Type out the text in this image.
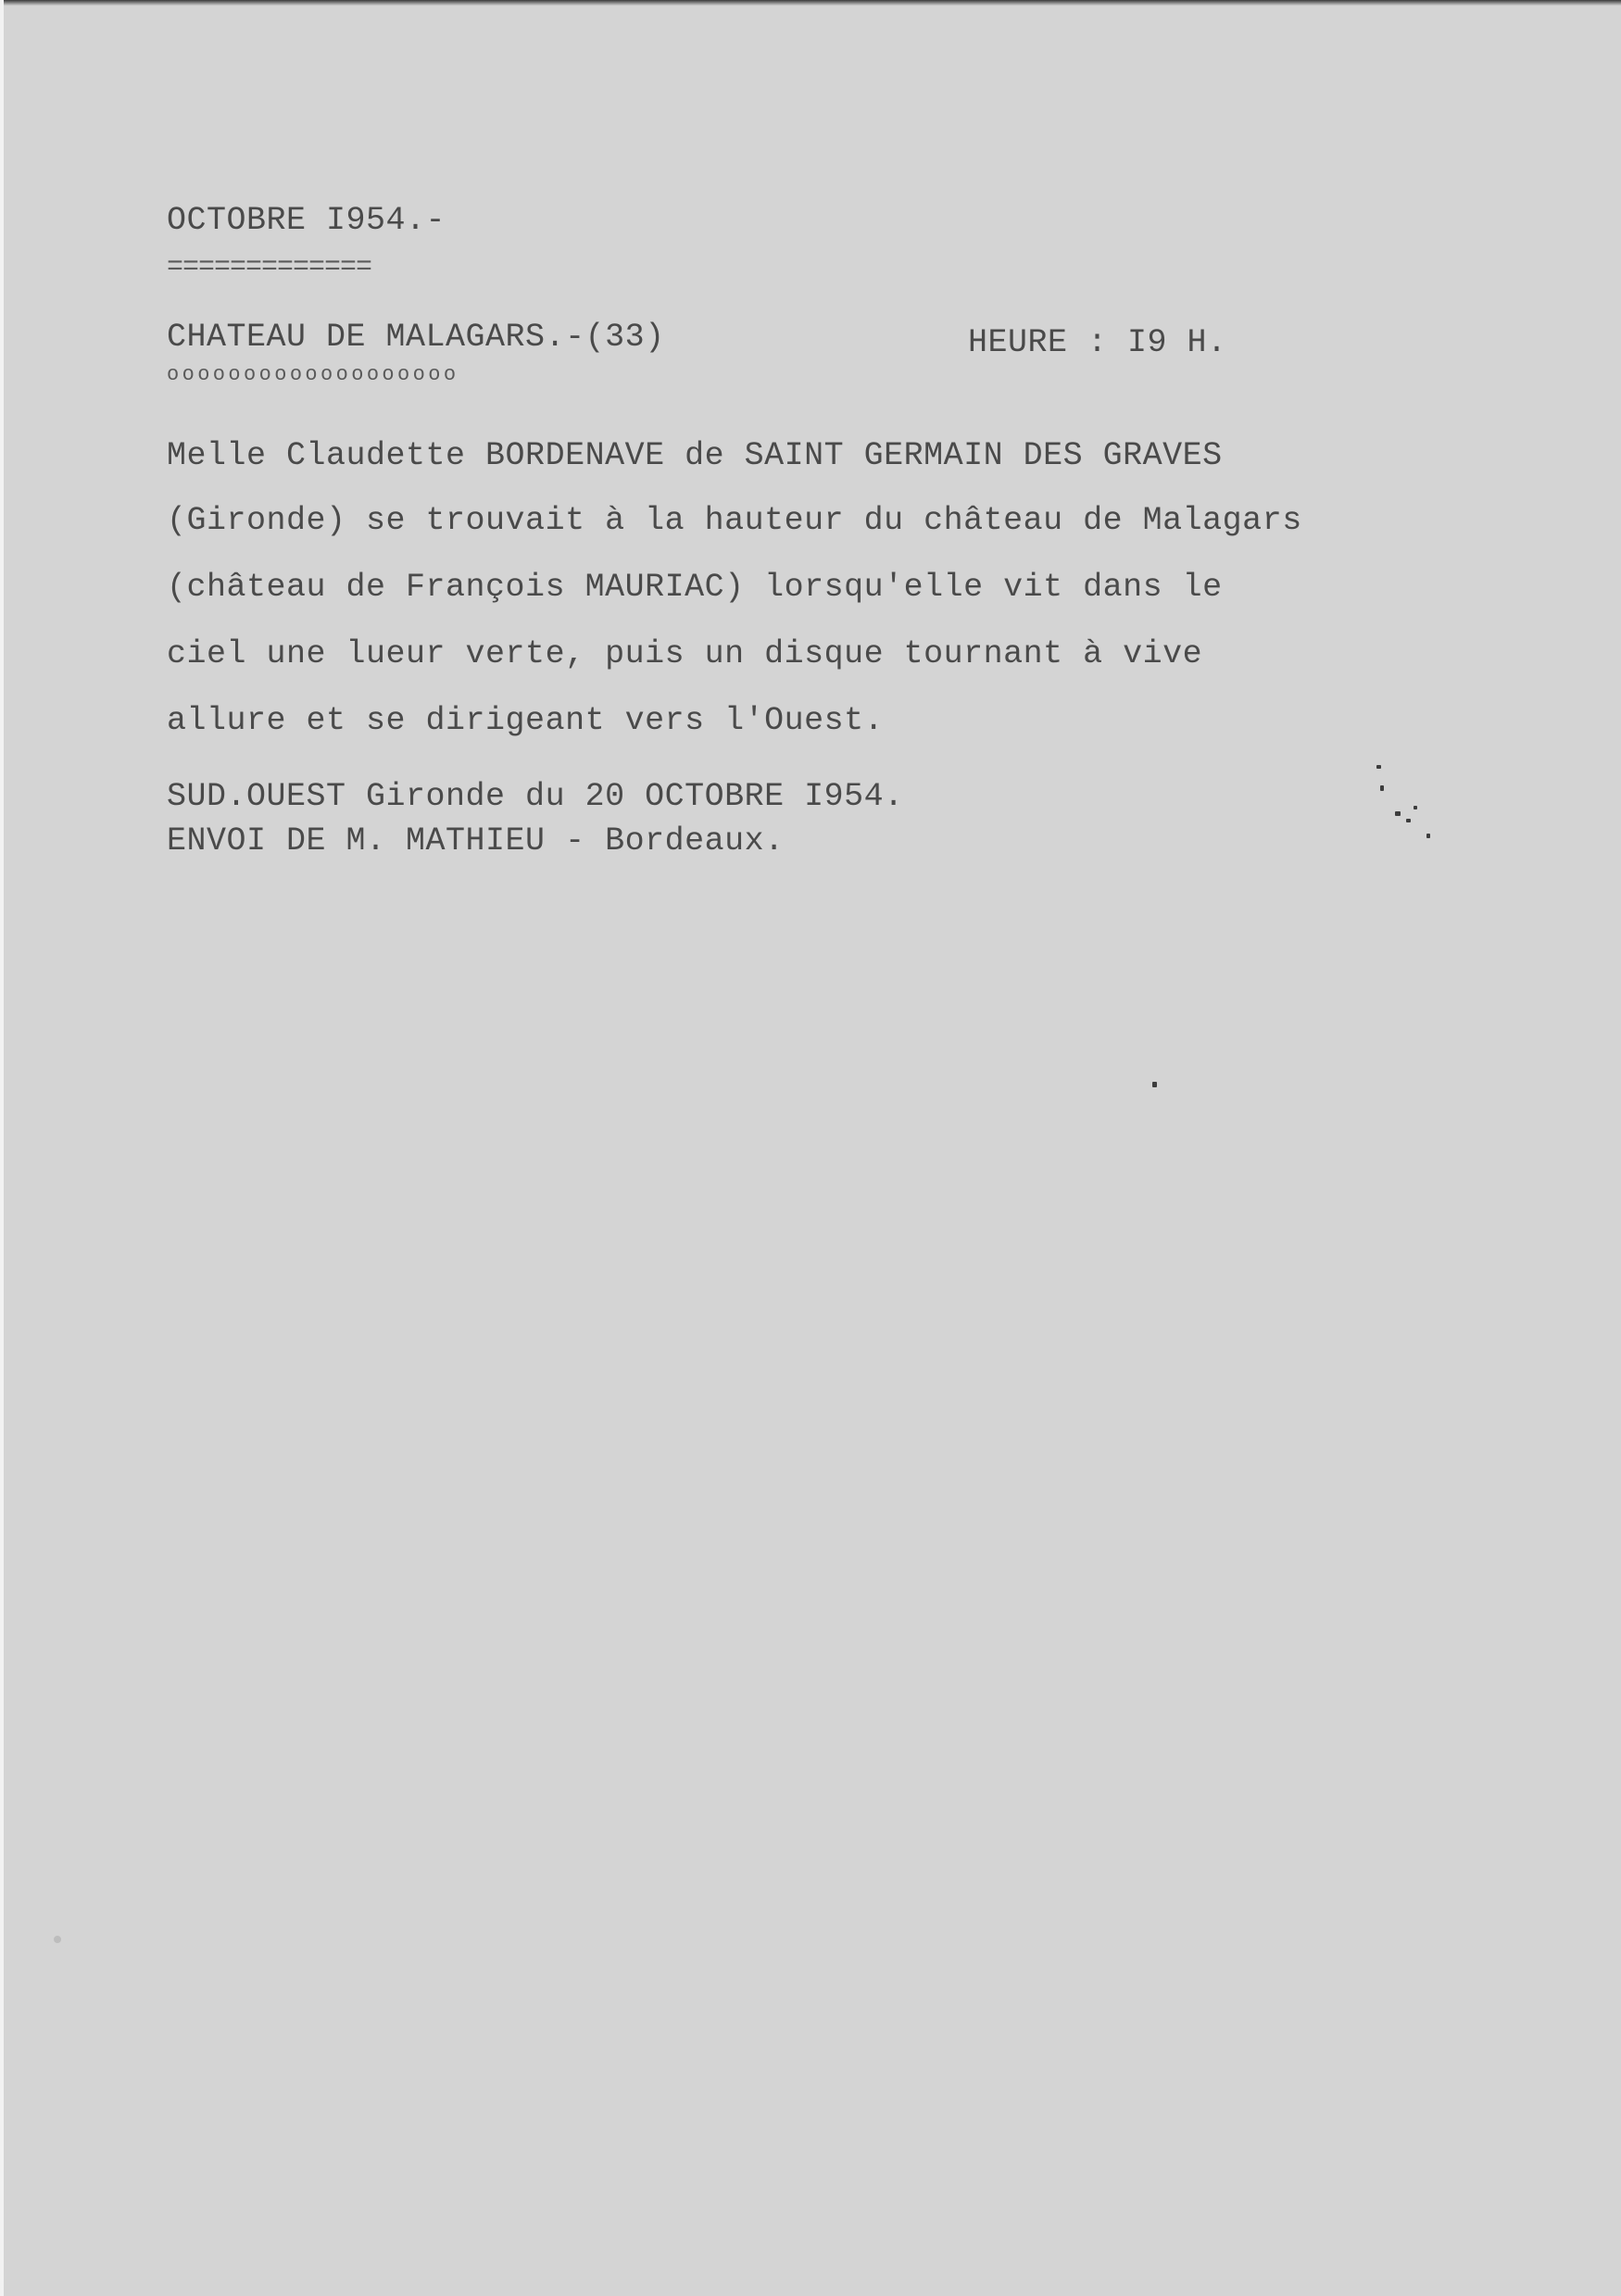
OCTOBRE I954.-
=============
CHATEAU DE MALAGARS.-(33)	HEURE : I9 H.
ooooooooooooooooooo
Melle Claudette BORDENAVE de SAINT GERMAIN DES GRAVES
(Gironde) se trouvait à la hauteur du château de Malagars
(château de François MAURIAC) lorsqu'elle vit dans le
ciel une lueur verte, puis un disque tournant à vive
allure et se dirigeant vers l'Ouest.
SUD.OUEST Gironde du 20 OCTOBRE I954.
ENVOI DE M. MATHIEU - Bordeaux.
